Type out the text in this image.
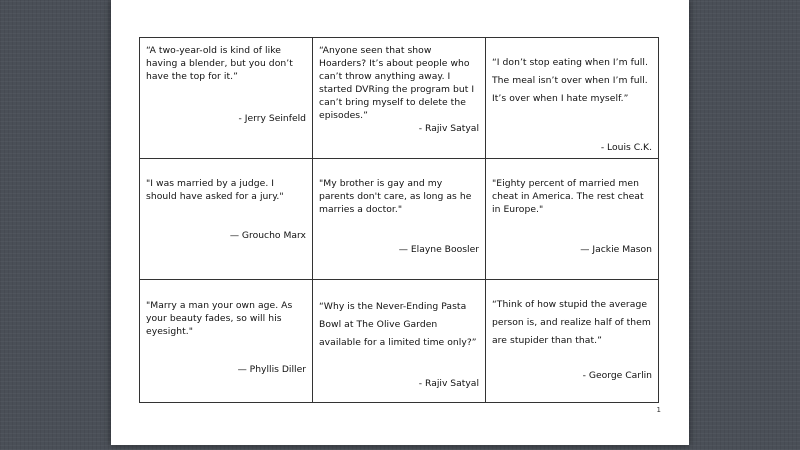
“A two-year-old is kind of like having a blender, but you don’t have the top for it.”

- Jerry Seinfeld

“Anyone seen that show Hoarders? It’s about people who can’t throw anything away. I started DVRing the program but I can’t bring myself to delete the episodes.”

- Rajiv Satyal

“I don’t stop eating when I’m full. The meal isn’t over when I’m full. It’s over when I hate myself.”

- Louis C.K.

"I was married by a judge. I should have asked for a jury."

— Groucho Marx

"My brother is gay and my parents don't care, as long as he marries a doctor."

— Elayne Boosler

"Eighty percent of married men cheat in America. The rest cheat in Europe."

— Jackie Mason

"Marry a man your own age. As your beauty fades, so will his eyesight."

— Phyllis Diller

“Why is the Never-Ending Pasta Bowl at The Olive Garden available for a limited time only?”

- Rajiv Satyal

“Think of how stupid the average person is, and realize half of them are stupider than that.”

- George Carlin

1
